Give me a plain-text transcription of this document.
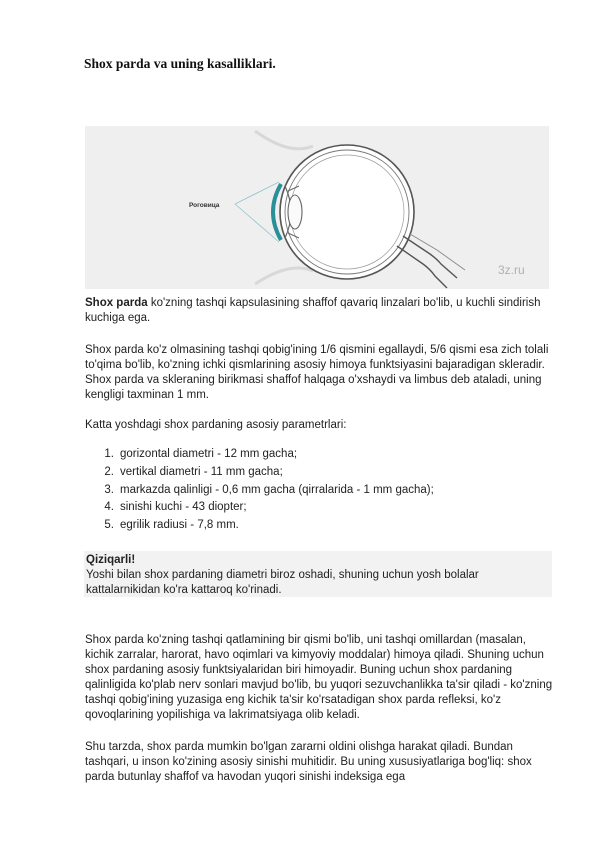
Shox parda va uning kasalliklari.
Роговица
3z.ru
Shox parda ko'zning tashqi kapsulasining shaffof qavariq linzalari bo'lib, u kuchli sindirish kuchiga ega.
Shox parda ko'z olmasining tashqi qobig'ining 1/6 qismini egallaydi, 5/6 qismi esa zich tolali to'qima bo'lib, ko'zning ichki qismlarining asosiy himoya funktsiyasini bajaradigan skleradir. Shox parda va skleraning birikmasi shaffof halqaga o'xshaydi va limbus deb ataladi, uning kengligi taxminan 1 mm.
Katta yoshdagi shox pardaning asosiy parametrlari:
1. gorizontal diametri - 12 mm gacha;
2. vertikal diametri - 11 mm gacha;
3. markazda qalinligi - 0,6 mm gacha (qirralarida - 1 mm gacha);
4. sinishi kuchi - 43 diopter;
5. egrilik radiusi - 7,8 mm.
Qiziqarli!
Yoshi bilan shox pardaning diametri biroz oshadi, shuning uchun yosh bolalar kattalarnikidan ko'ra kattaroq ko'rinadi.
Shox parda ko'zning tashqi qatlamining bir qismi bo'lib, uni tashqi omillardan (masalan, kichik zarralar, harorat, havo oqimlari va kimyoviy moddalar) himoya qiladi. Shuning uchun shox pardaning asosiy funktsiyalaridan biri himoyadir. Buning uchun shox pardaning qalinligida ko'plab nerv sonlari mavjud bo'lib, bu yuqori sezuvchanlikka ta'sir qiladi - ko'zning tashqi qobig'ining yuzasiga eng kichik ta'sir ko'rsatadigan shox parda refleksi, ko'z qovoqlarining yopilishiga va lakrimatsiyaga olib keladi.
Shu tarzda, shox parda mumkin bo'lgan zararni oldini olishga harakat qiladi. Bundan tashqari, u inson ko'zining asosiy sinishi muhitidir. Bu uning xususiyatlariga bog'liq: shox parda butunlay shaffof va havodan yuqori sinishi indeksiga ega
